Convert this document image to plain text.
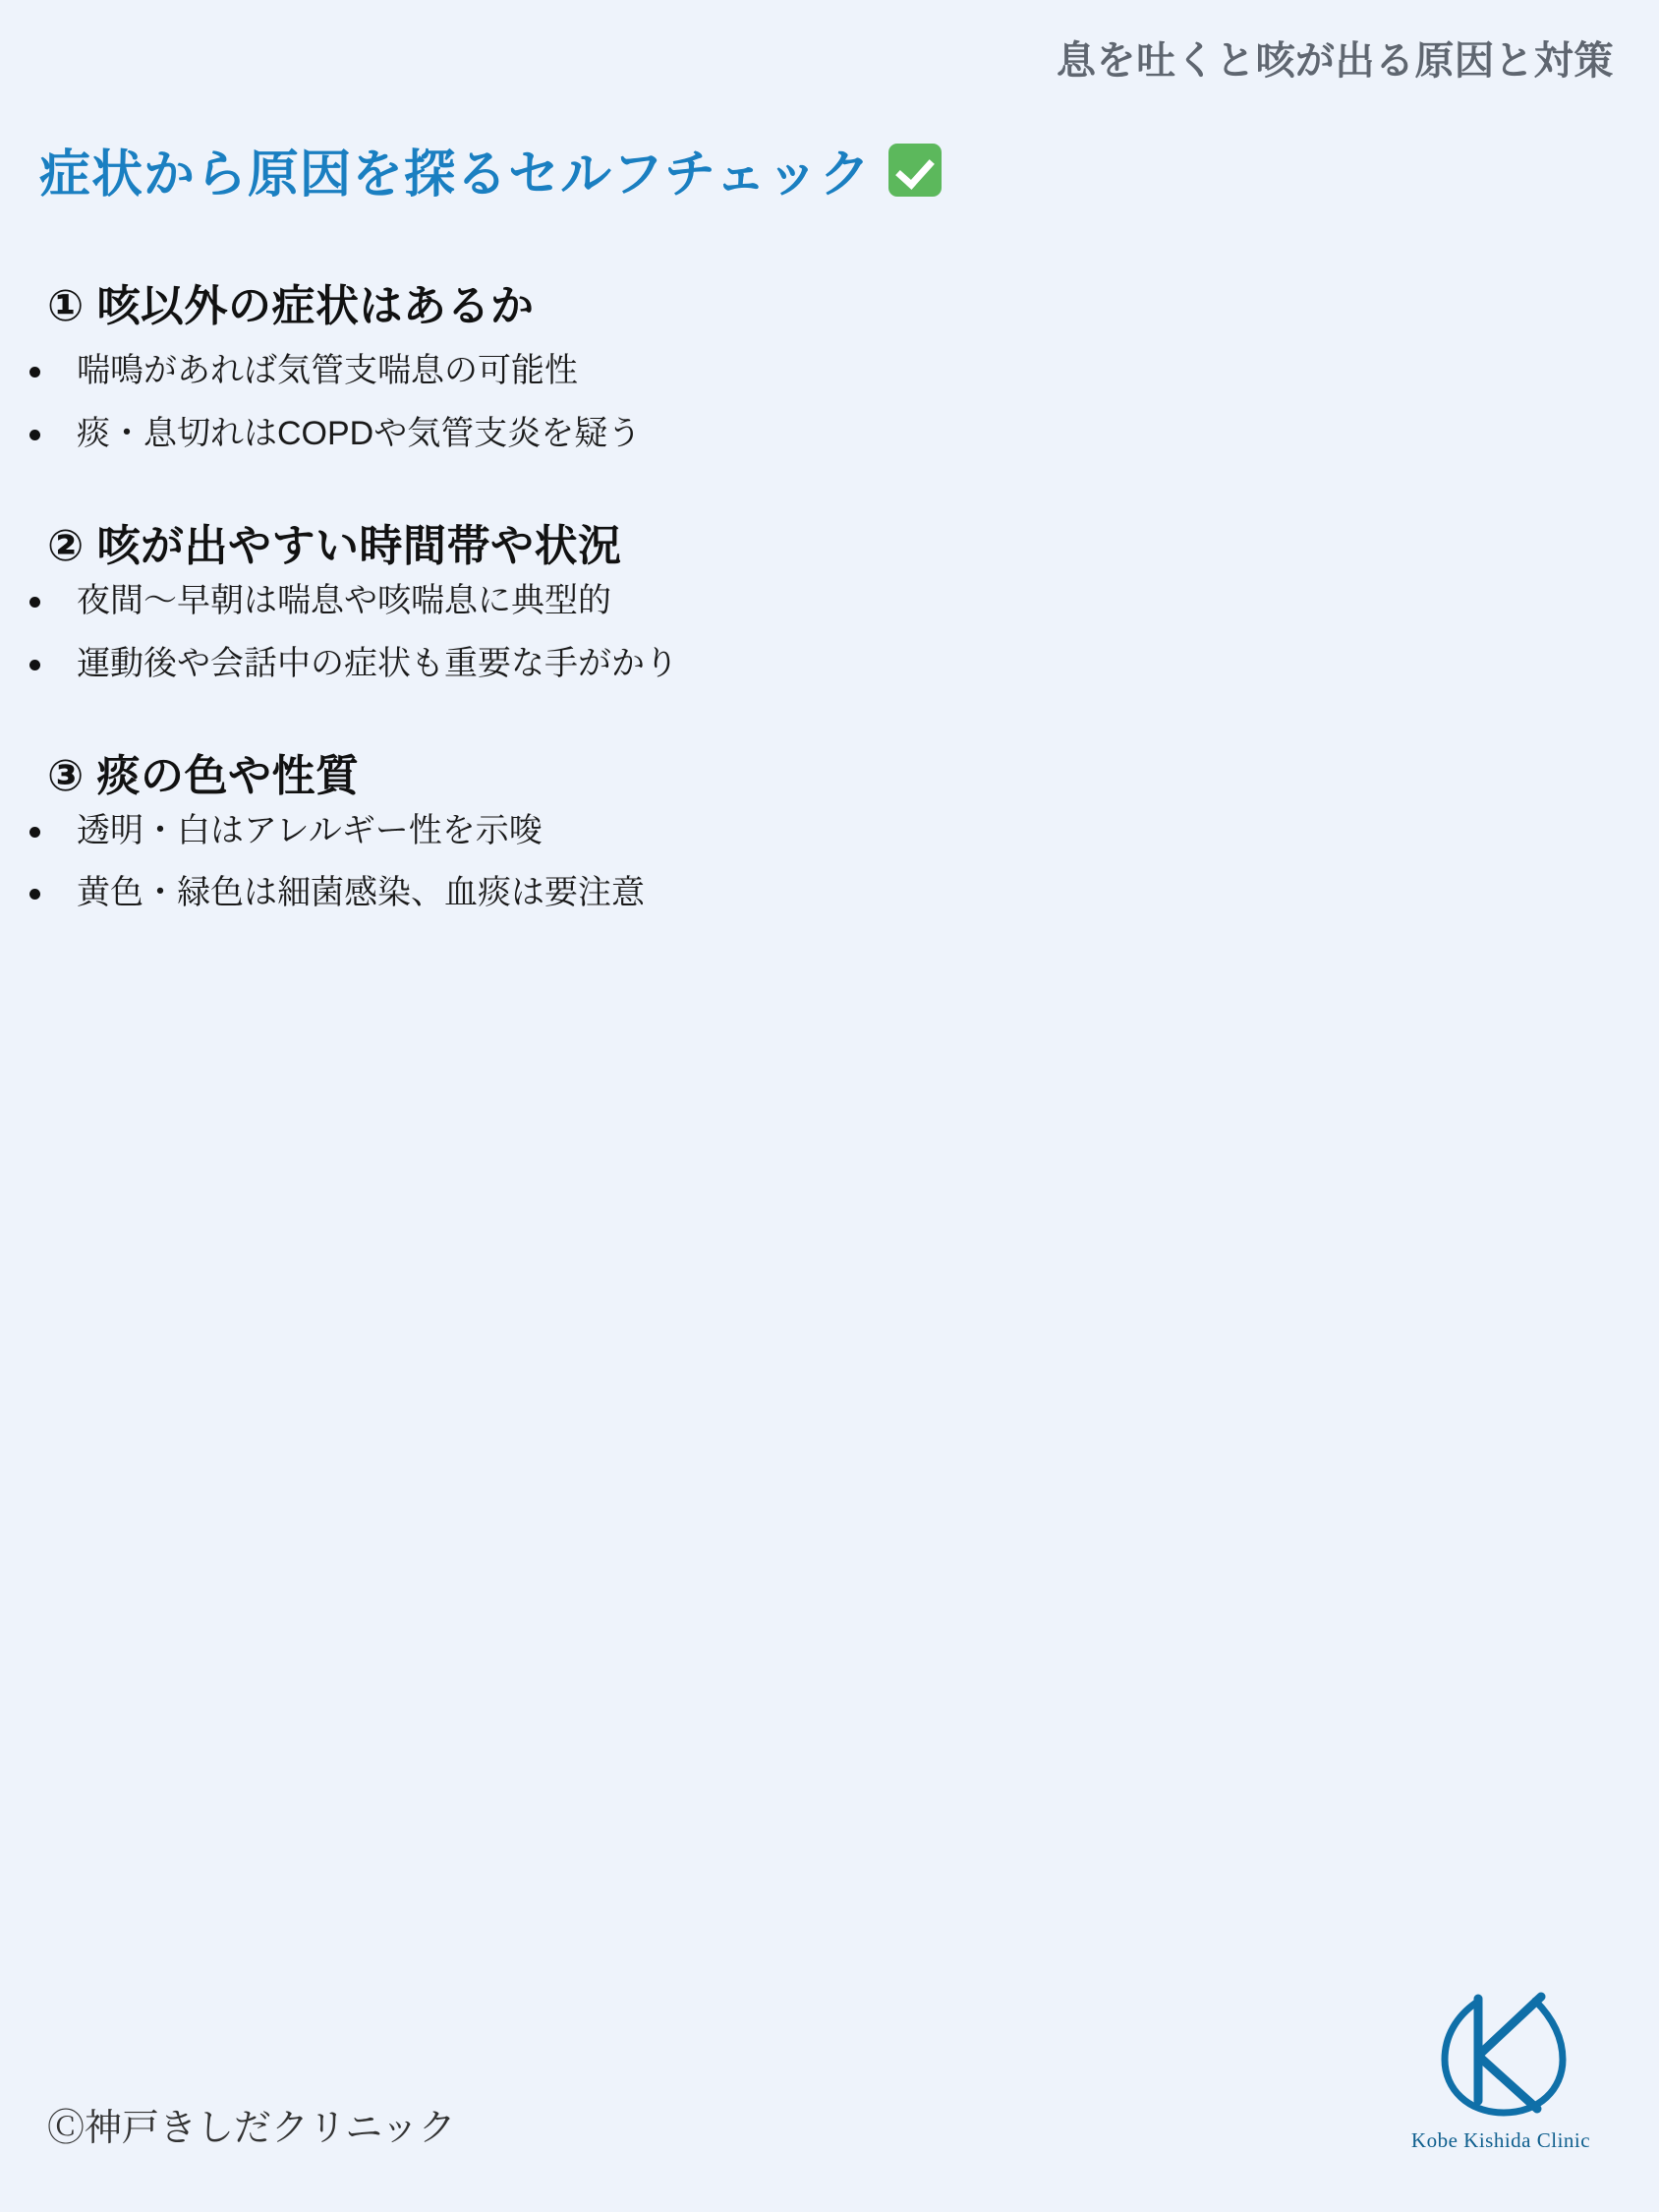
息を吐くと咳が出る原因と対策
症状から原因を探るセルフチェック
① 咳以外の症状はあるか
喘鳴があれば気管支喘息の可能性
痰・息切れはCOPDや気管支炎を疑う
② 咳が出やすい時間帯や状況
夜間〜早朝は喘息や咳喘息に典型的
運動後や会話中の症状も重要な手がかり
③ 痰の色や性質
透明・白はアレルギー性を示唆
黄色・緑色は細菌感染、血痰は要注意
Ⓒ神戸きしだクリニック	Kobe Kishida Clinic
